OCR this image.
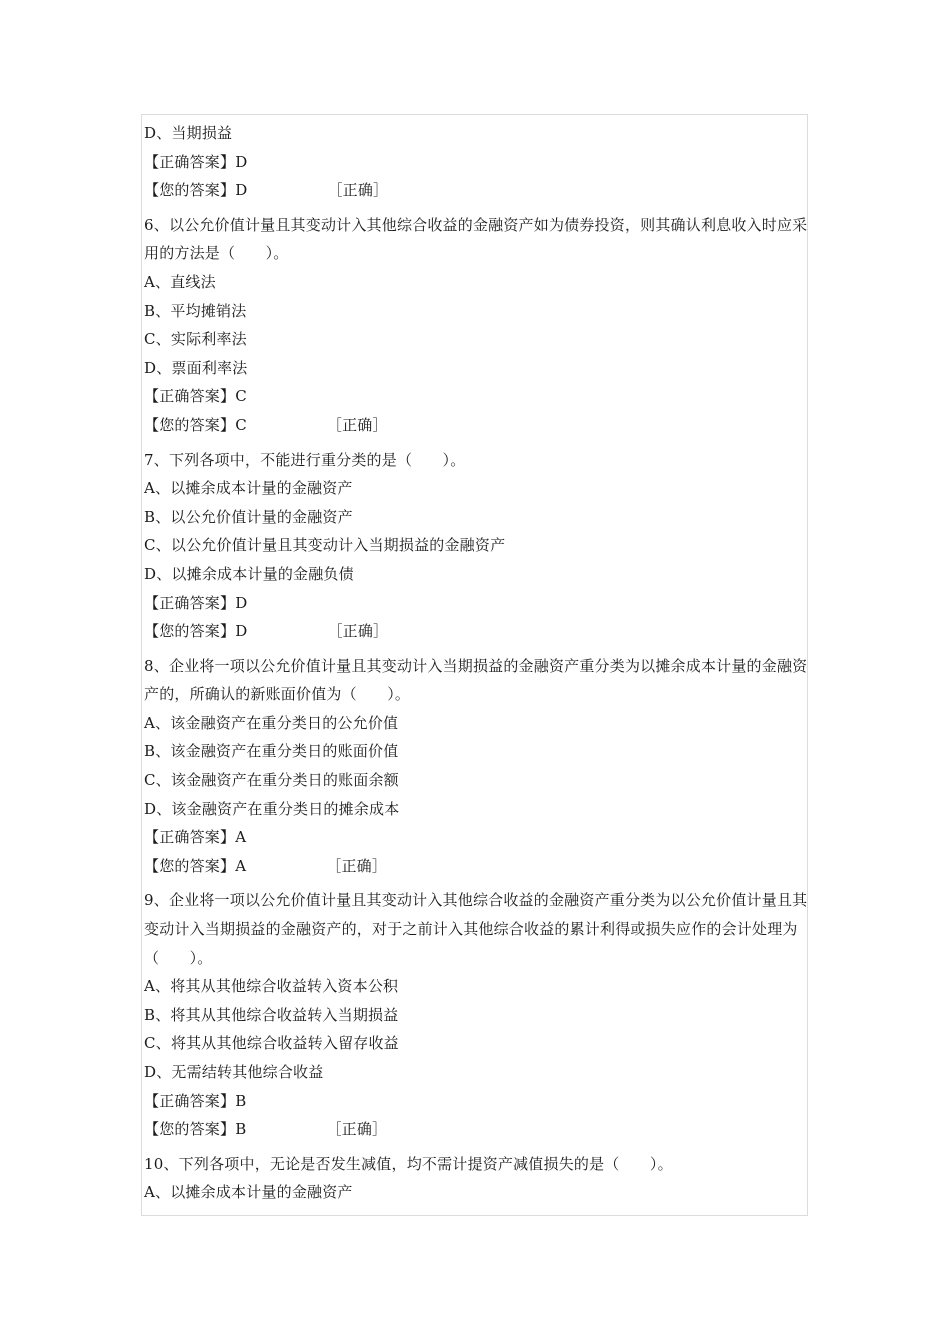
D、当期损益
【正确答案】D
【您的答案】D	［正确］
6、以公允价值计量且其变动计入其他综合收益的金融资产如为债券投资，则其确认利息收入时应采用的方法是（　　）。
A、直线法
B、平均摊销法
C、实际利率法
D、票面利率法
【正确答案】C
【您的答案】C	［正确］
7、下列各项中，不能进行重分类的是（　　）。
A、以摊余成本计量的金融资产
B、以公允价值计量的金融资产
C、以公允价值计量且其变动计入当期损益的金融资产
D、以摊余成本计量的金融负债
【正确答案】D
【您的答案】D	［正确］
8、企业将一项以公允价值计量且其变动计入当期损益的金融资产重分类为以摊余成本计量的金融资产的，所确认的新账面价值为（　　）。
A、该金融资产在重分类日的公允价值
B、该金融资产在重分类日的账面价值
C、该金融资产在重分类日的账面余额
D、该金融资产在重分类日的摊余成本
【正确答案】A
【您的答案】A	［正确］
9、企业将一项以公允价值计量且其变动计入其他综合收益的金融资产重分类为以公允价值计量且其变动计入当期损益的金融资产的，对于之前计入其他综合收益的累计利得或损失应作的会计处理为（　　）。
A、将其从其他综合收益转入资本公积
B、将其从其他综合收益转入当期损益
C、将其从其他综合收益转入留存收益
D、无需结转其他综合收益
【正确答案】B
【您的答案】B	［正确］
10、下列各项中，无论是否发生减值，均不需计提资产减值损失的是（　　）。
A、以摊余成本计量的金融资产
